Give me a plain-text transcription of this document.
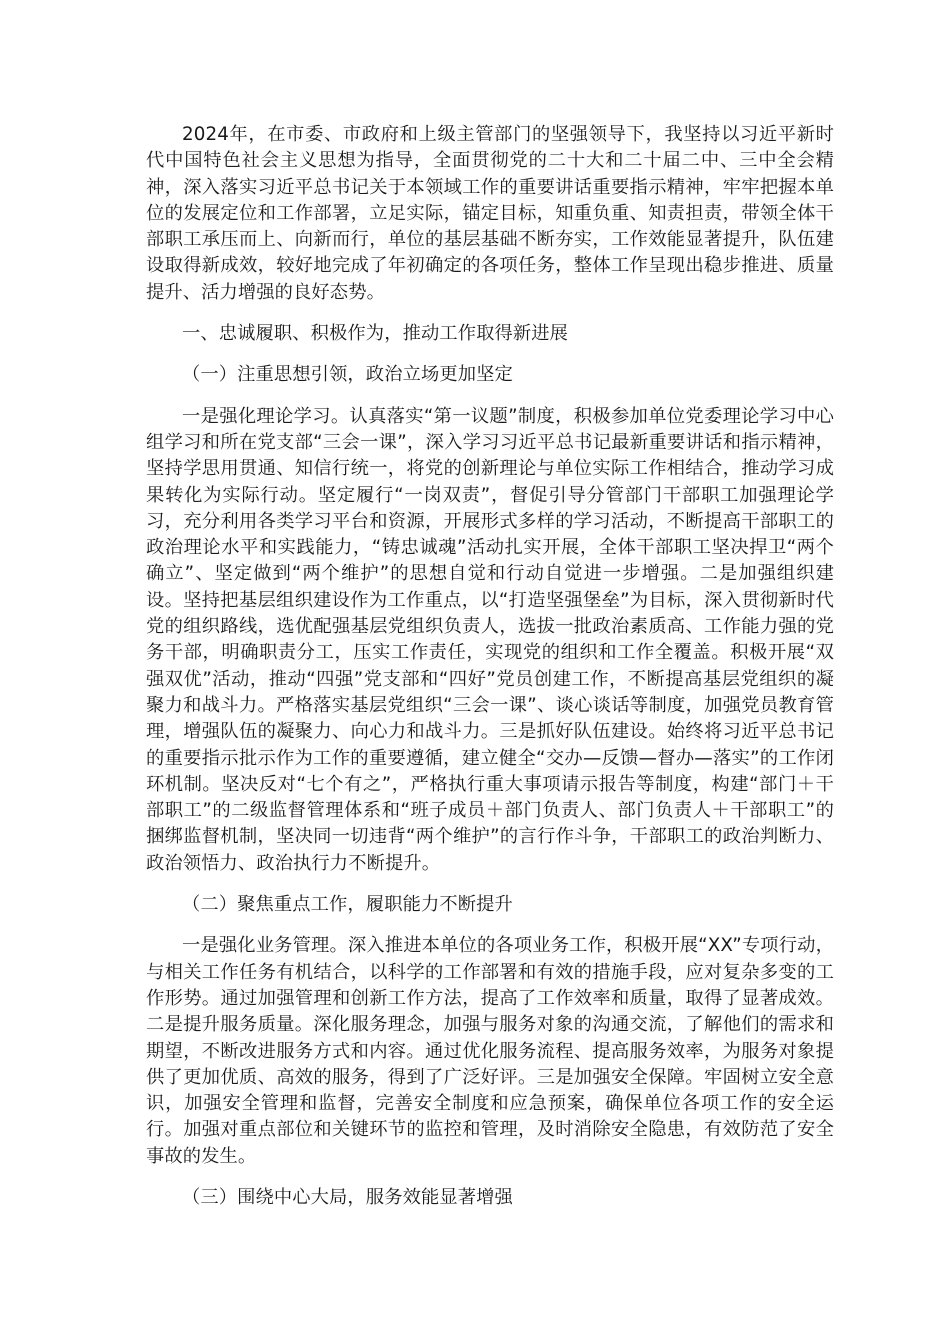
2024年，在市委、市政府和上级主管部门的坚强领导下，我坚持以习近平新时代中国特色社会主义思想为指导，全面贯彻党的二十大和二十届二中、三中全会精神，深入落实习近平总书记关于本领域工作的重要讲话重要指示精神，牢牢把握本单位的发展定位和工作部署，立足实际，锚定目标，知重负重、知责担责，带领全体干部职工承压而上、向新而行，单位的基层基础不断夯实，工作效能显著提升，队伍建设取得新成效，较好地完成了年初确定的各项任务，整体工作呈现出稳步推进、质量提升、活力增强的良好态势。

一、忠诚履职、积极作为，推动工作取得新进展

（一）注重思想引领，政治立场更加坚定

一是强化理论学习。认真落实“第一议题”制度，积极参加单位党委理论学习中心组学习和所在党支部“三会一课”，深入学习习近平总书记最新重要讲话和指示精神，坚持学思用贯通、知信行统一，将党的创新理论与单位实际工作相结合，推动学习成果转化为实际行动。坚定履行“一岗双责”，督促引导分管部门干部职工加强理论学习，充分利用各类学习平台和资源，开展形式多样的学习活动，不断提高干部职工的政治理论水平和实践能力，“铸忠诚魂”活动扎实开展，全体干部职工坚决捍卫“两个确立”、坚定做到“两个维护”的思想自觉和行动自觉进一步增强。二是加强组织建设。坚持把基层组织建设作为工作重点，以“打造坚强堡垒”为目标，深入贯彻新时代党的组织路线，选优配强基层党组织负责人，选拔一批政治素质高、工作能力强的党务干部，明确职责分工，压实工作责任，实现党的组织和工作全覆盖。积极开展“双强双优”活动，推动“四强”党支部和“四好”党员创建工作，不断提高基层党组织的凝聚力和战斗力。严格落实基层党组织“三会一课”、谈心谈话等制度，加强党员教育管理，增强队伍的凝聚力、向心力和战斗力。三是抓好队伍建设。始终将习近平总书记的重要指示批示作为工作的重要遵循，建立健全“交办—反馈—督办—落实”的工作闭环机制。坚决反对“七个有之”，严格执行重大事项请示报告等制度，构建“部门＋干部职工”的二级监督管理体系和“班子成员＋部门负责人、部门负责人＋干部职工”的捆绑监督机制，坚决同一切违背“两个维护”的言行作斗争，干部职工的政治判断力、政治领悟力、政治执行力不断提升。

（二）聚焦重点工作，履职能力不断提升

一是强化业务管理。深入推进本单位的各项业务工作，积极开展“XX”专项行动，与相关工作任务有机结合，以科学的工作部署和有效的措施手段，应对复杂多变的工作形势。通过加强管理和创新工作方法，提高了工作效率和质量，取得了显著成效。二是提升服务质量。深化服务理念，加强与服务对象的沟通交流，了解他们的需求和期望，不断改进服务方式和内容。通过优化服务流程、提高服务效率，为服务对象提供了更加优质、高效的服务，得到了广泛好评。三是加强安全保障。牢固树立安全意识，加强安全管理和监督，完善安全制度和应急预案，确保单位各项工作的安全运行。加强对重点部位和关键环节的监控和管理，及时消除安全隐患，有效防范了安全事故的发生。

（三）围绕中心大局，服务效能显著增强
